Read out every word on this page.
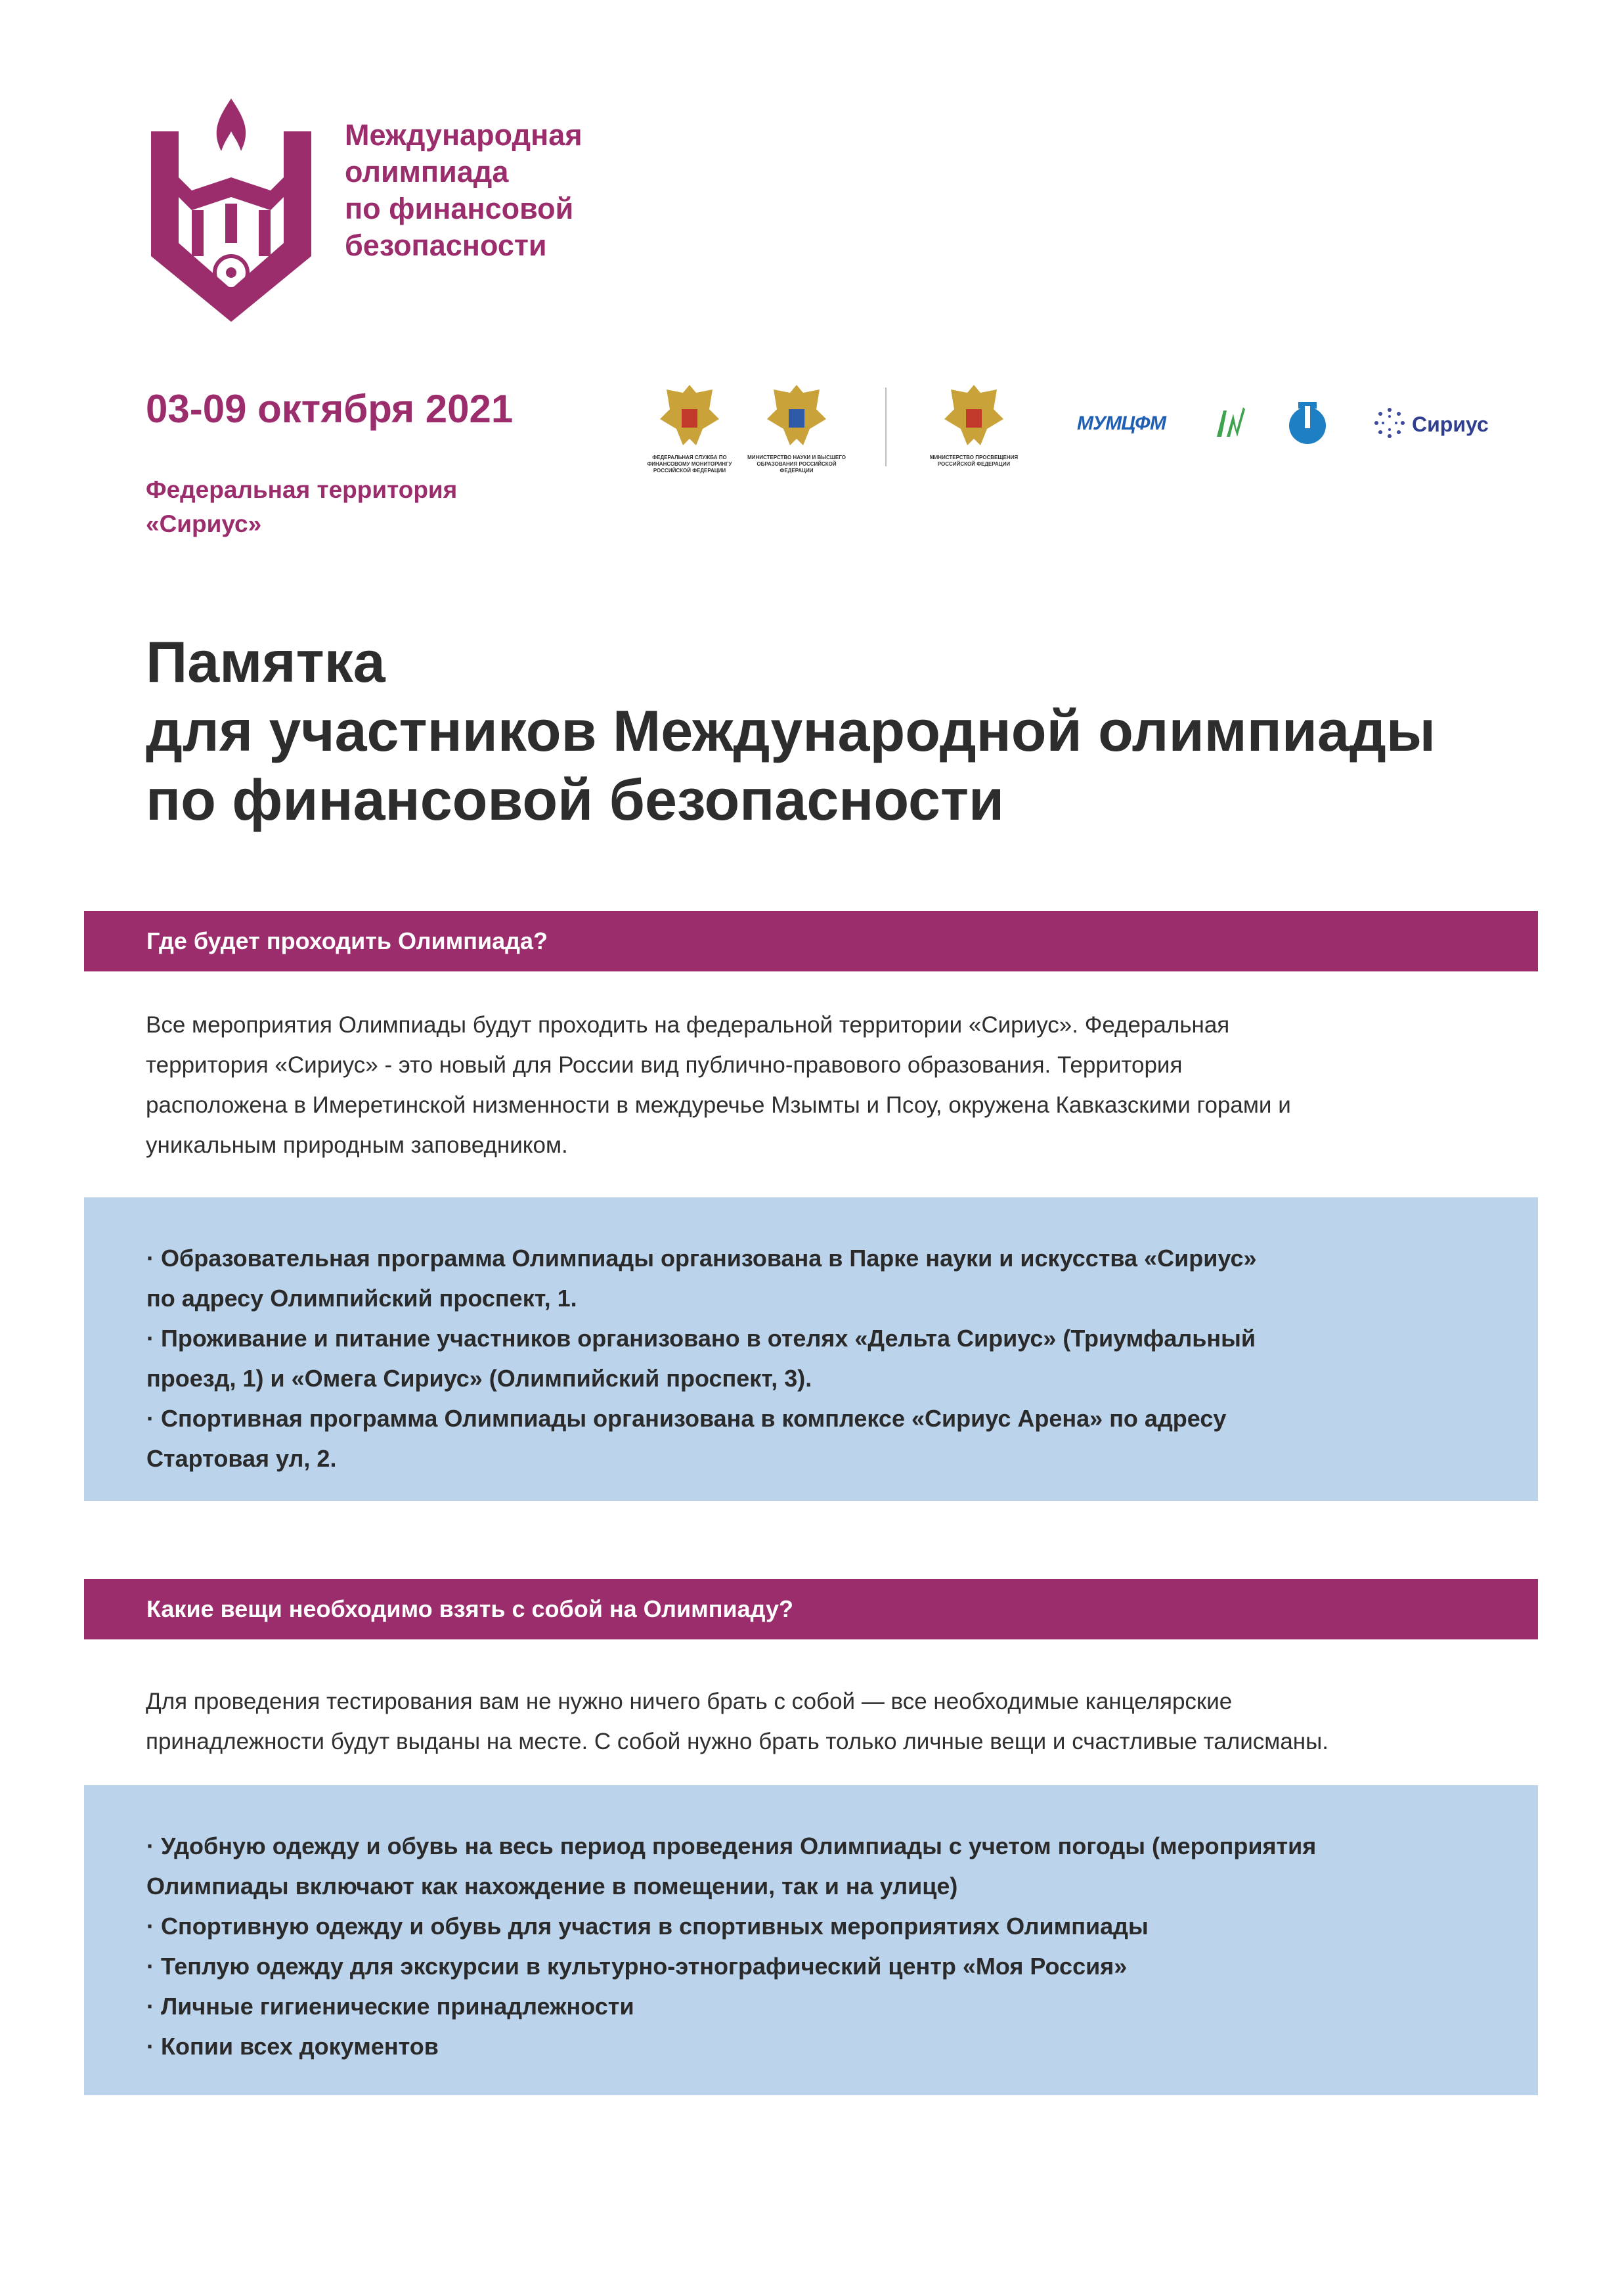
Международная
олимпиада
по финансовой
безопасности
03-09 октября 2021
Федеральная территория
«Сириус»
ФЕДЕРАЛЬНАЯ СЛУЖБА ПО ФИНАНСОВОМУ МОНИТОРИНГУ РОССИЙСКОЙ ФЕДЕРАЦИИ
МИНИСТЕРСТВО НАУКИ И ВЫСШЕГО ОБРАЗОВАНИЯ РОССИЙСКОЙ ФЕДЕРАЦИИ
МИНИСТЕРСТВО ПРОСВЕЩЕНИЯ РОССИЙСКОЙ ФЕДЕРАЦИИ
МУМЦФМ	Сириус
Памятка
для участников Международной олимпиады
по финансовой безопасности
Где будет проходить Олимпиада?
Все мероприятия Олимпиады будут проходить на федеральной территории «Сириус». Федеральная
территория «Сириус» - это новый для России вид публично-правового образования. Территория
расположена в Имеретинской низменности в междуречье Мзымты и Псоу, окружена Кавказскими горами и
уникальным природным заповедником.
· Образовательная программа Олимпиады организована в Парке науки и искусства «Сириус»
по адресу Олимпийский проспект, 1.
· Проживание и питание участников организовано в отелях «Дельта Сириус» (Триумфальный
проезд, 1) и «Омега Сириус» (Олимпийский проспект, 3).
· Спортивная программа Олимпиады организована в комплексе «Сириус Арена» по адресу
Стартовая ул, 2.
Какие вещи необходимо взять с собой на Олимпиаду?
Для проведения тестирования вам не нужно ничего брать с собой — все необходимые канцелярские
принадлежности будут выданы на месте. С собой нужно брать только личные вещи и счастливые талисманы.
· Удобную одежду и обувь на весь период проведения Олимпиады с учетом погоды (мероприятия
Олимпиады включают как нахождение в помещении, так и на улице)
· Спортивную одежду и обувь для участия в спортивных мероприятиях Олимпиады
· Теплую одежду для экскурсии в культурно-этнографический центр «Моя Россия»
· Личные гигиенические принадлежности
· Копии всех документов
